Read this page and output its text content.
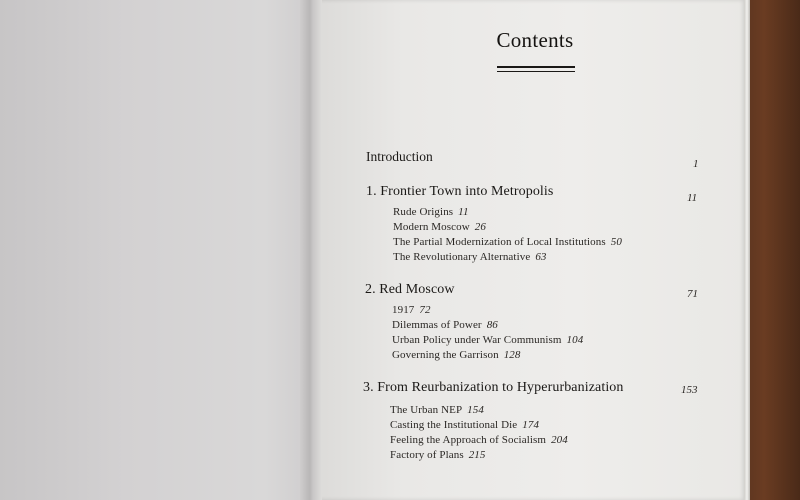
Contents
Introduction	1
1. Frontier Town into Metropolis	11
Rude Origins 11
Modern Moscow 26
The Partial Modernization of Local Institutions 50
The Revolutionary Alternative 63
2. Red Moscow	71
1917 72
Dilemmas of Power 86
Urban Policy under War Communism 104
Governing the Garrison 128
3. From Reurbanization to Hyperurbanization	153
The Urban NEP 154
Casting the Institutional Die 174
Feeling the Approach of Socialism 204
Factory of Plans 215
